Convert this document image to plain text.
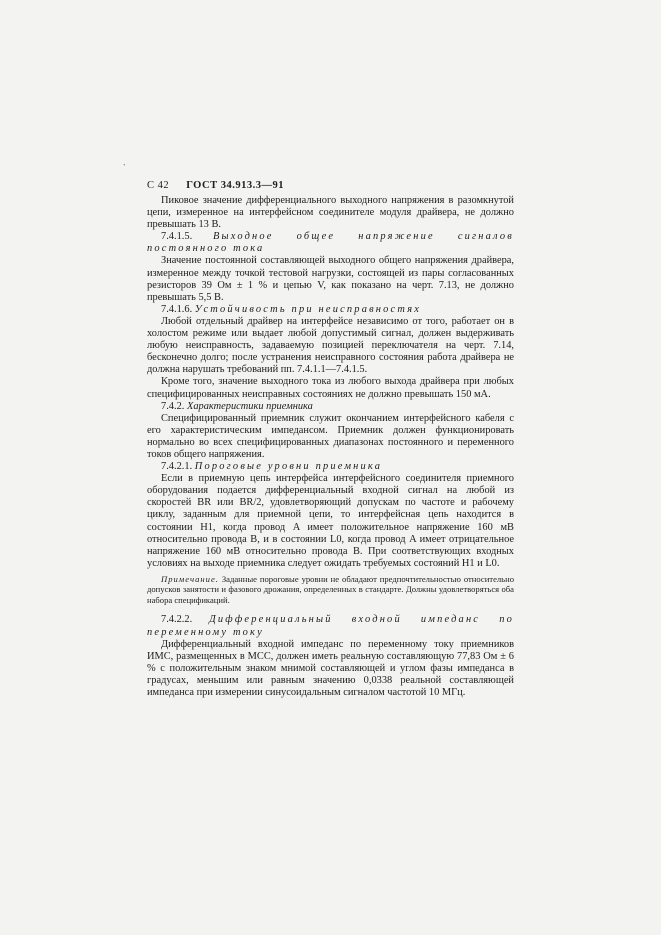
`
С 42 ГОСТ 34.913.3—91

Пиковое значение дифференциального выходного напряжения в разомкнутой цепи, измеренное на интерфейсном соединителе модуля драйвера, не должно превышать 13 В.

7.4.1.5. Выходное общее напряжение сигналов постоянного тока

Значение постоянной составляющей выходного общего напряжения драйвера, измеренное между точкой тестовой нагрузки, состоящей из пары согласованных резисторов 39 Ом ± 1 % и цепью V, как показано на черт. 7.13, не должно превышать 5,5 В.

7.4.1.6. Устойчивость при неисправностях

Любой отдельный драйвер на интерфейсе независимо от того, работает он в холостом режиме или выдает любой допустимый сигнал, должен выдерживать любую неисправность, задаваемую позицией переключателя на черт. 7.14, бесконечно долго; после устранения неисправного состояния работа драйвера не должна нарушать требований пп. 7.4.1.1—7.4.1.5.

Кроме того, значение выходного тока из любого выхода драйвера при любых специфицированных неисправных состояниях не должно превышать 150 мА.

7.4.2. Характеристики приемника

Специфицированный приемник служит окончанием интерфейсного кабеля с его характеристическим импедансом. Приемник должен функционировать нормально во всех специфицированных диапазонах постоянного и переменного токов общего напряжения.

7.4.2.1. Пороговые уровни приемника

Если в приемную цепь интерфейса интерфейсного соединителя приемного оборудования подается дифференциальный входной сигнал на любой из скоростей BR или BR/2, удовлетворяющий допускам по частоте и рабочему циклу, заданным для приемной цепи, то интерфейсная цепь находится в состоянии H1, когда провод A имеет положительное напряжение 160 мВ относительно провода B, и в состоянии L0, когда провод A имеет отрицательное напряжение 160 мВ относительно провода B. При соответствующих входных условиях на выходе приемника следует ожидать требуемых состояний H1 и L0.

Примечание. Заданные пороговые уровни не обладают предпочтительностью относительно допусков занятости и фазового дрожания, определенных в стандарте. Должны удовлетворяться оба набора спецификаций.

7.4.2.2. Дифференциальный входной импеданс по переменному току

Дифференциальный входной импеданс по переменному току приемников ИМС, размещенных в МСС, должен иметь реальную составляющую 77,83 Ом ± 6 % с положительным знаком мнимой составляющей и углом фазы импеданса в градусах, меньшим или равным значению 0,0338 реальной составляющей импеданса при измерении синусоидальным сигналом частотой 10 МГц.
